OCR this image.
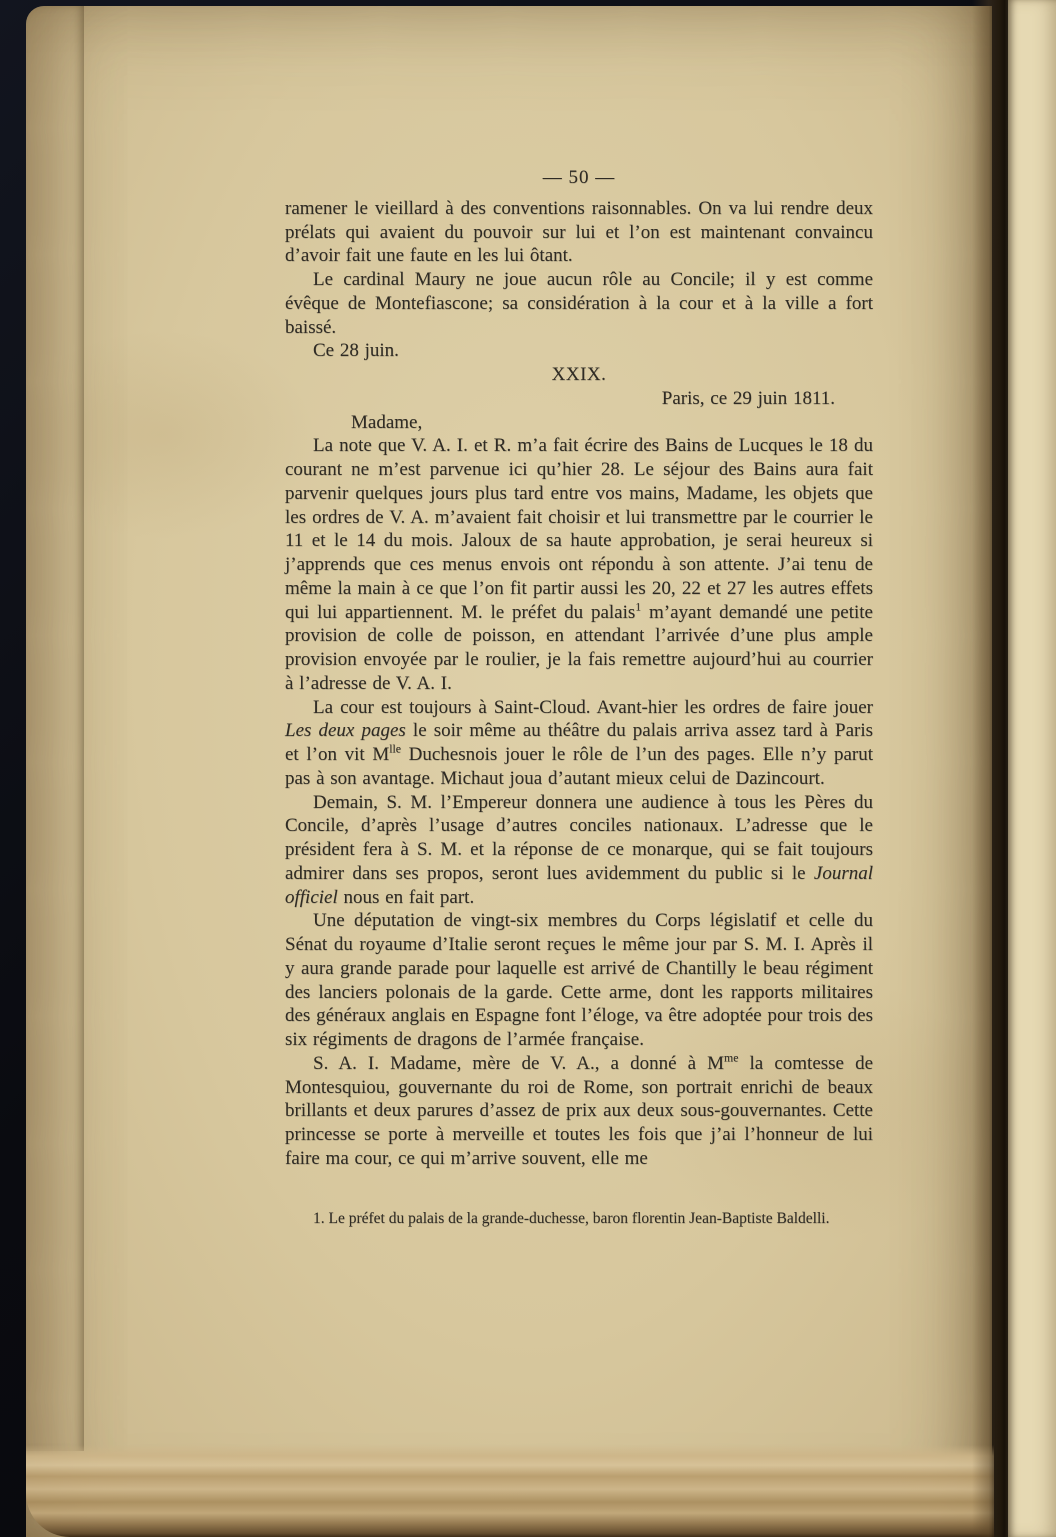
— 50 —

ramener le vieillard à des conventions raisonnables. On va lui rendre deux prélats qui avaient du pouvoir sur lui et l’on est maintenant convaincu d’avoir fait une faute en les lui ôtant.

Le cardinal Maury ne joue aucun rôle au Concile; il y est comme évêque de Montefiascone; sa considération à la cour et à la ville a fort baissé.

Ce 28 juin.

XXIX.

Paris, ce 29 juin 1811.

Madame,

La note que V. A. I. et R. m’a fait écrire des Bains de Lucques le 18 du courant ne m’est parvenue ici qu’hier 28. Le séjour des Bains aura fait parvenir quelques jours plus tard entre vos mains, Madame, les objets que les ordres de V. A. m’avaient fait choisir et lui transmettre par le courrier le 11 et le 14 du mois. Jaloux de sa haute approbation, je serai heureux si j’apprends que ces menus envois ont répondu à son attente. J’ai tenu de même la main à ce que l’on fit partir aussi les 20, 22 et 27 les autres effets qui lui appartiennent. M. le préfet du palais$^1$ m’ayant demandé une petite provision de colle de poisson, en attendant l’arrivée d’une plus ample provision envoyée par le roulier, je la fais remettre aujourd’hui au courrier à l’adresse de V. A. I.

La cour est toujours à Saint-Cloud. Avant-hier les ordres de faire jouer Les deux pages le soir même au théâtre du palais arriva assez tard à Paris et l’on vit $M^{lle}$ Duchesnois jouer le rôle de l’un des pages. Elle n’y parut pas à son avantage. Michaut joua d’autant mieux celui de Dazincourt.

Demain, S. M. l’Empereur donnera une audience à tous les Pères du Concile, d’après l’usage d’autres conciles nationaux. L’adresse que le président fera à S. M. et la réponse de ce monarque, qui se fait toujours admirer dans ses propos, seront lues avidemment du public si le Journal officiel nous en fait part.

Une députation de vingt-six membres du Corps législatif et celle du Sénat du royaume d’Italie seront reçues le même jour par S. M. I. Après il y aura grande parade pour laquelle est arrivé de Chantilly le beau régiment des lanciers polonais de la garde. Cette arme, dont les rapports militaires des généraux anglais en Espagne font l’éloge, va être adoptée pour trois des six régiments de dragons de l’armée française.

S. A. I. Madame, mère de V. A., a donné à $M^{me}$ la comtesse de Montesquiou, gouvernante du roi de Rome, son portrait enrichi de beaux brillants et deux parures d’assez de prix aux deux sous-gouvernantes. Cette princesse se porte à merveille et toutes les fois que j’ai l’honneur de lui faire ma cour, ce qui m’arrive souvent, elle me

1. Le préfet du palais de la grande-duchesse, baron florentin Jean-Baptiste Baldelli.
